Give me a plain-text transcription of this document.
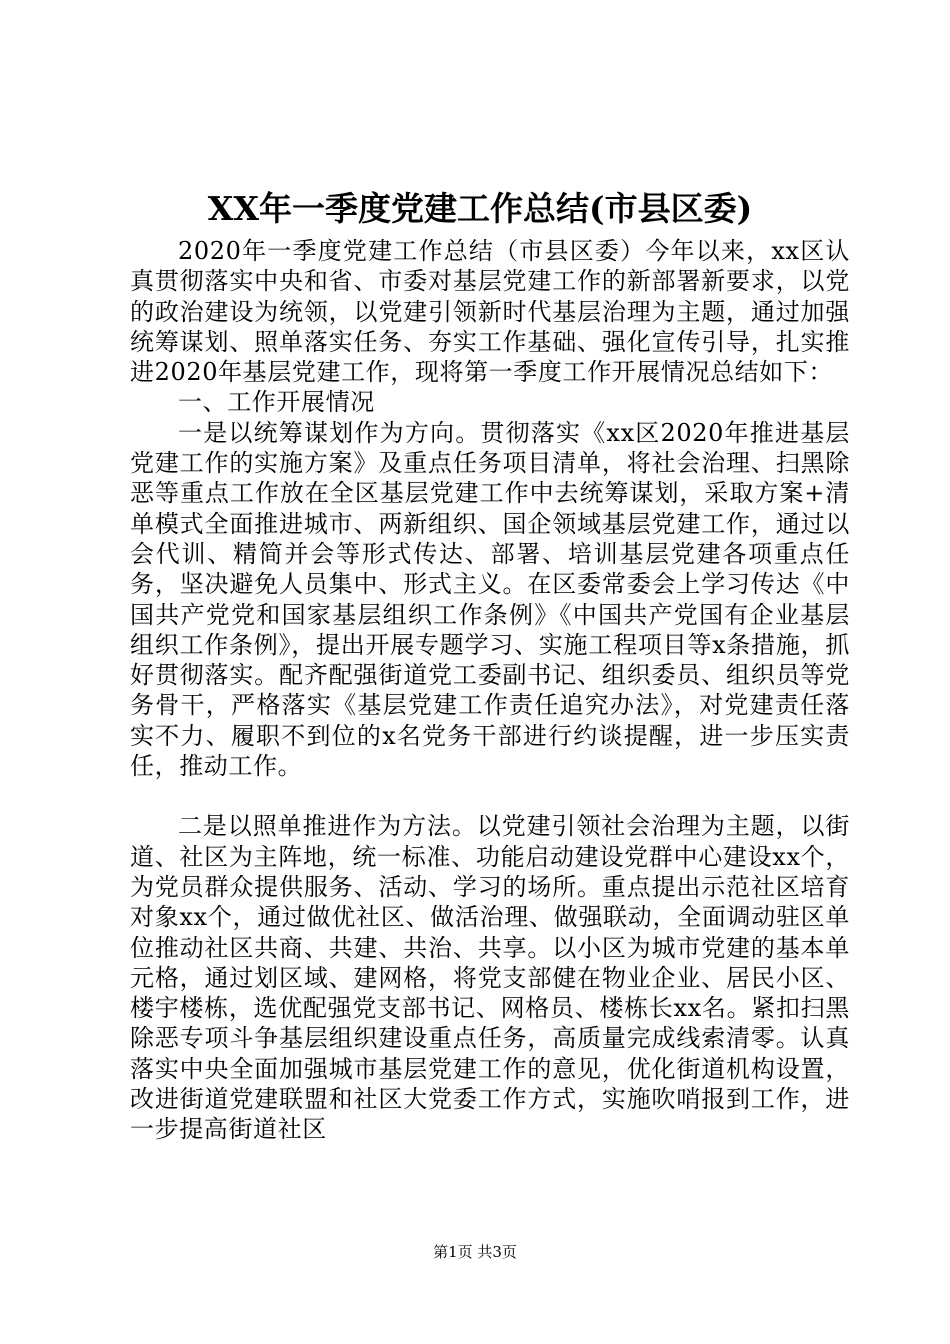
XX年一季度党建工作总结(市县区委)

2020年一季度党建工作总结（市县区委）今年以来，xx区认真贯彻落实中央和省、市委对基层党建工作的新部署新要求，以党的政治建设为统领，以党建引领新时代基层治理为主题，通过加强统筹谋划、照单落实任务、夯实工作基础、强化宣传引导，扎实推进2020年基层党建工作，现将第一季度工作开展情况总结如下：

一、工作开展情况

一是以统筹谋划作为方向。贯彻落实《xx区2020年推进基层党建工作的实施方案》及重点任务项目清单，将社会治理、扫黑除恶等重点工作放在全区基层党建工作中去统筹谋划，采取方案+清单模式全面推进城市、两新组织、国企领域基层党建工作，通过以会代训、精简并会等形式传达、部署、培训基层党建各项重点任务，坚决避免人员集中、形式主义。在区委常委会上学习传达《中国共产党党和国家基层组织工作条例》《中国共产党国有企业基层组织工作条例》，提出开展专题学习、实施工程项目等x条措施，抓好贯彻落实。配齐配强街道党工委副书记、组织委员、组织员等党务骨干，严格落实《基层党建工作责任追究办法》，对党建责任落实不力、履职不到位的x名党务干部进行约谈提醒，进一步压实责任，推动工作。

二是以照单推进作为方法。以党建引领社会治理为主题，以街道、社区为主阵地，统一标准、功能启动建设党群中心建设xx个，为党员群众提供服务、活动、学习的场所。重点提出示范社区培育对象xx个，通过做优社区、做活治理、做强联动，全面调动驻区单位推动社区共商、共建、共治、共享。以小区为城市党建的基本单元格，通过划区域、建网格，将党支部健在物业企业、居民小区、楼宇楼栋，选优配强党支部书记、网格员、楼栋长xx名。紧扣扫黑除恶专项斗争基层组织建设重点任务，高质量完成线索清零。认真落实中央全面加强城市基层党建工作的意见，优化街道机构设置，改进街道党建联盟和社区大党委工作方式，实施吹哨报到工作，进一步提高街道社区

第1页 共3页
